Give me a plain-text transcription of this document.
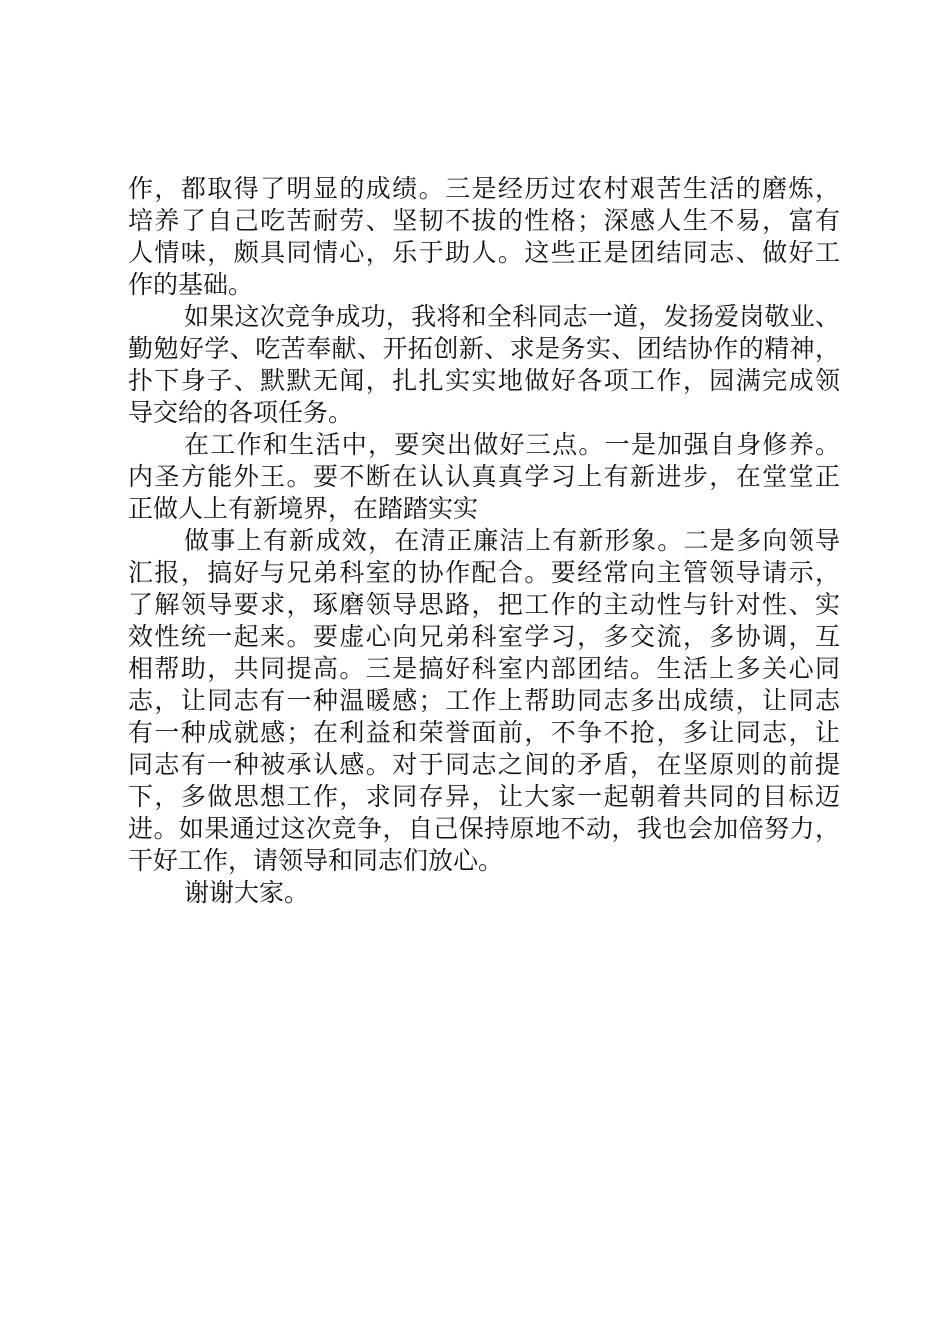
作，都取得了明显的成绩。三是经历过农村艰苦生活的磨炼，
培养了自己吃苦耐劳、坚韧不拔的性格；深感人生不易，富有
人情味，颇具同情心，乐于助人。这些正是团结同志、做好工
作的基础。
如果这次竞争成功，我将和全科同志一道，发扬爱岗敬业、
勤勉好学、吃苦奉献、开拓创新、求是务实、团结协作的精神，
扑下身子、默默无闻，扎扎实实地做好各项工作，园满完成领
导交给的各项任务。
在工作和生活中，要突出做好三点。一是加强自身修养。
内圣方能外王。要不断在认认真真学习上有新进步，在堂堂正
正做人上有新境界，在踏踏实实
做事上有新成效，在清正廉洁上有新形象。二是多向领导
汇报，搞好与兄弟科室的协作配合。要经常向主管领导请示，
了解领导要求，琢磨领导思路，把工作的主动性与针对性、实
效性统一起来。要虚心向兄弟科室学习，多交流，多协调，互
相帮助，共同提高。三是搞好科室内部团结。生活上多关心同
志，让同志有一种温暖感；工作上帮助同志多出成绩，让同志
有一种成就感；在利益和荣誉面前，不争不抢，多让同志，让
同志有一种被承认感。对于同志之间的矛盾，在坚原则的前提
下，多做思想工作，求同存异，让大家一起朝着共同的目标迈
进。如果通过这次竞争，自己保持原地不动，我也会加倍努力，
干好工作，请领导和同志们放心。
谢谢大家。
